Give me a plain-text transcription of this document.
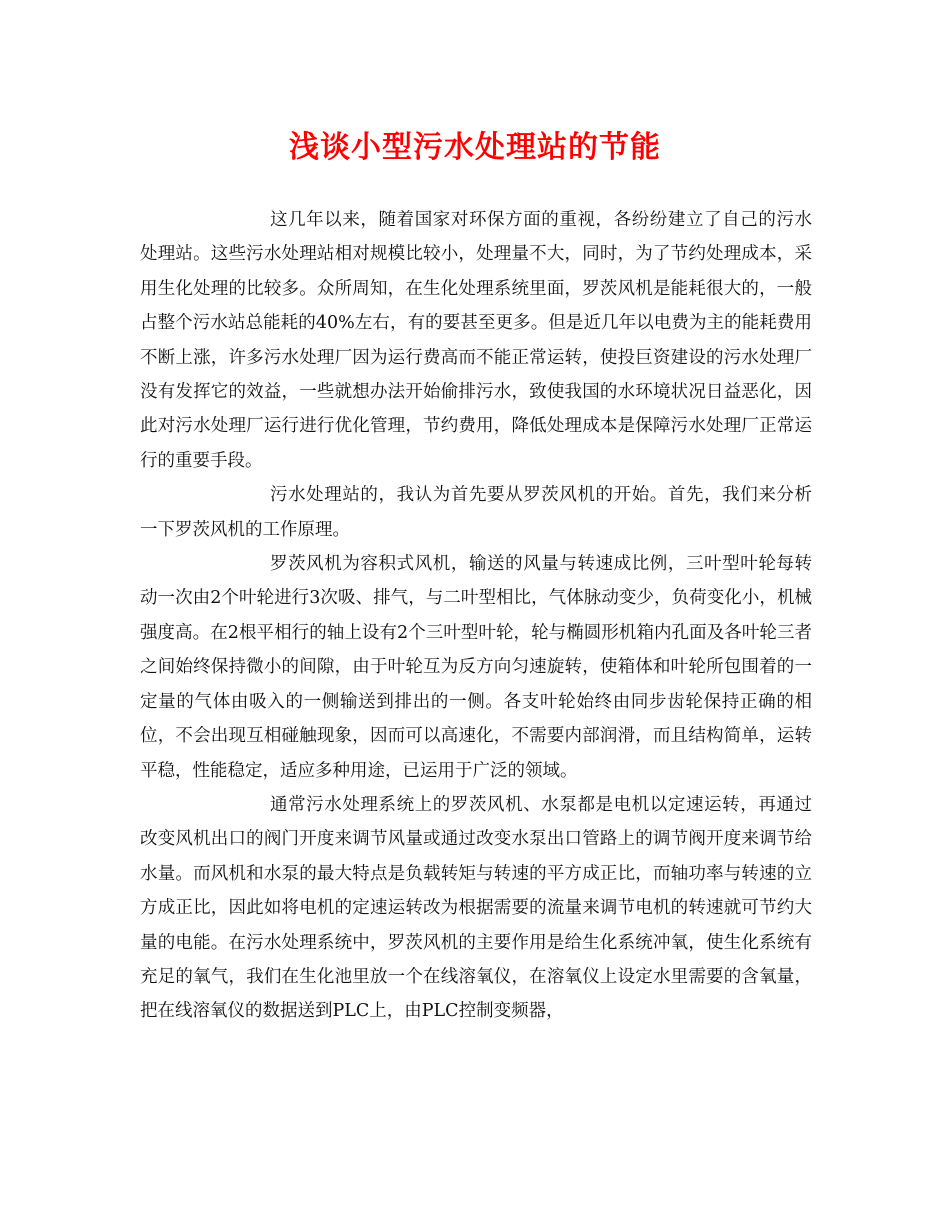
浅谈小型污水处理站的节能

这几年以来，随着国家对环保方面的重视，各纷纷建立了自己的污水处理站。这些污水处理站相对规模比较小，处理量不大，同时，为了节约处理成本，采用生化处理的比较多。众所周知，在生化处理系统里面，罗茨风机是能耗很大的，一般占整个污水站总能耗的40%左右，有的要甚至更多。但是近几年以电费为主的能耗费用不断上涨，许多污水处理厂因为运行费高而不能正常运转，使投巨资建设的污水处理厂没有发挥它的效益，一些就想办法开始偷排污水，致使我国的水环境状况日益恶化，因此对污水处理厂运行进行优化管理，节约费用，降低处理成本是保障污水处理厂正常运行的重要手段。

污水处理站的，我认为首先要从罗茨风机的开始。首先，我们来分析一下罗茨风机的工作原理。

罗茨风机为容积式风机，输送的风量与转速成比例，三叶型叶轮每转动一次由2个叶轮进行3次吸、排气，与二叶型相比，气体脉动变少，负荷变化小，机械强度高。在2根平相行的轴上设有2个三叶型叶轮，轮与椭圆形机箱内孔面及各叶轮三者之间始终保持微小的间隙，由于叶轮互为反方向匀速旋转，使箱体和叶轮所包围着的一定量的气体由吸入的一侧输送到排出的一侧。各支叶轮始终由同步齿轮保持正确的相位，不会出现互相碰触现象，因而可以高速化，不需要内部润滑，而且结构简单，运转平稳，性能稳定，适应多种用途，已运用于广泛的领域。

通常污水处理系统上的罗茨风机、水泵都是电机以定速运转，再通过改变风机出口的阀门开度来调节风量或通过改变水泵出口管路上的调节阀开度来调节给水量。而风机和水泵的最大特点是负载转矩与转速的平方成正比，而轴功率与转速的立方成正比，因此如将电机的定速运转改为根据需要的流量来调节电机的转速就可节约大量的电能。在污水处理系统中，罗茨风机的主要作用是给生化系统冲氧，使生化系统有充足的氧气，我们在生化池里放一个在线溶氧仪，在溶氧仪上设定水里需要的含氧量，把在线溶氧仪的数据送到PLC上，由PLC控制变频器，
